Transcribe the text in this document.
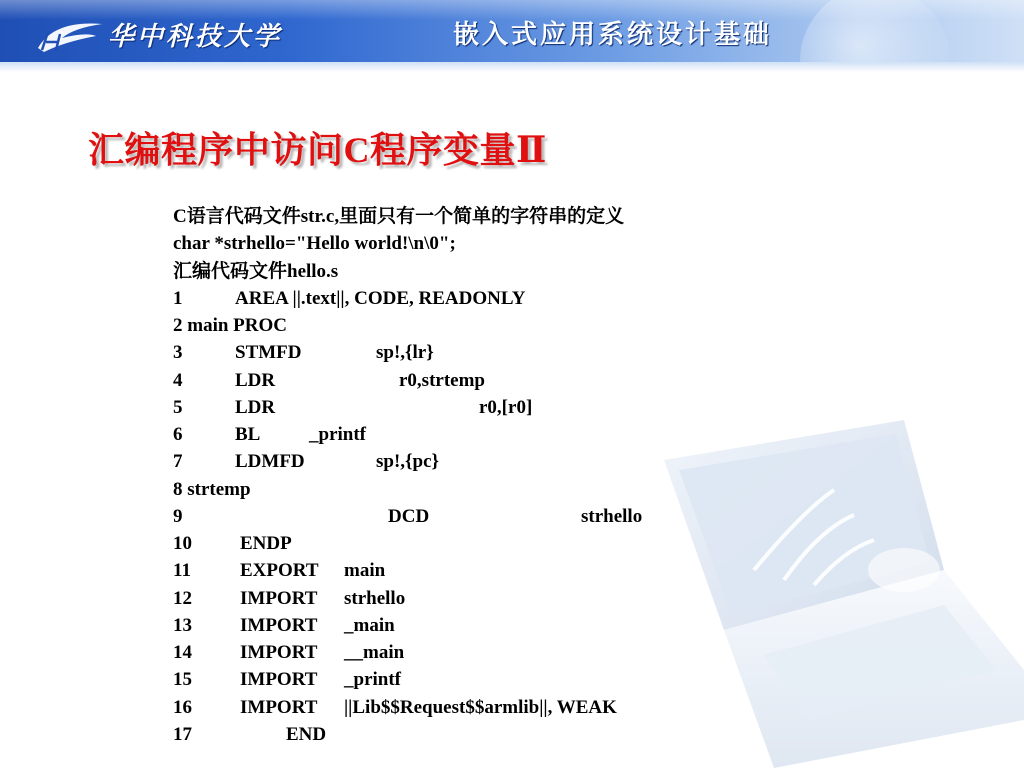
华中科技大学	嵌入式应用系统设计基础
汇编程序中访问C程序变量Ⅱ
C语言代码文件str.c,里面只有一个简单的字符串的定义
char *strhello="Hello world!\n\0";
汇编代码文件hello.s
1	AREA ||.text||, CODE, READONLY
2 main PROC
3	STMFD	sp!,{lr}
4	LDR	r0,strtemp
5	LDR	r0,[r0]
6	BL	_printf
7	LDMFD	sp!,{pc}
8 strtemp
9	DCD	strhello
10	ENDP
11	EXPORT main
12	IMPORT strhello
13	IMPORT _main
14	IMPORT __main
15	IMPORT _printf
16	IMPORT ||Lib$$Request$$armlib||, WEAK
17	END
